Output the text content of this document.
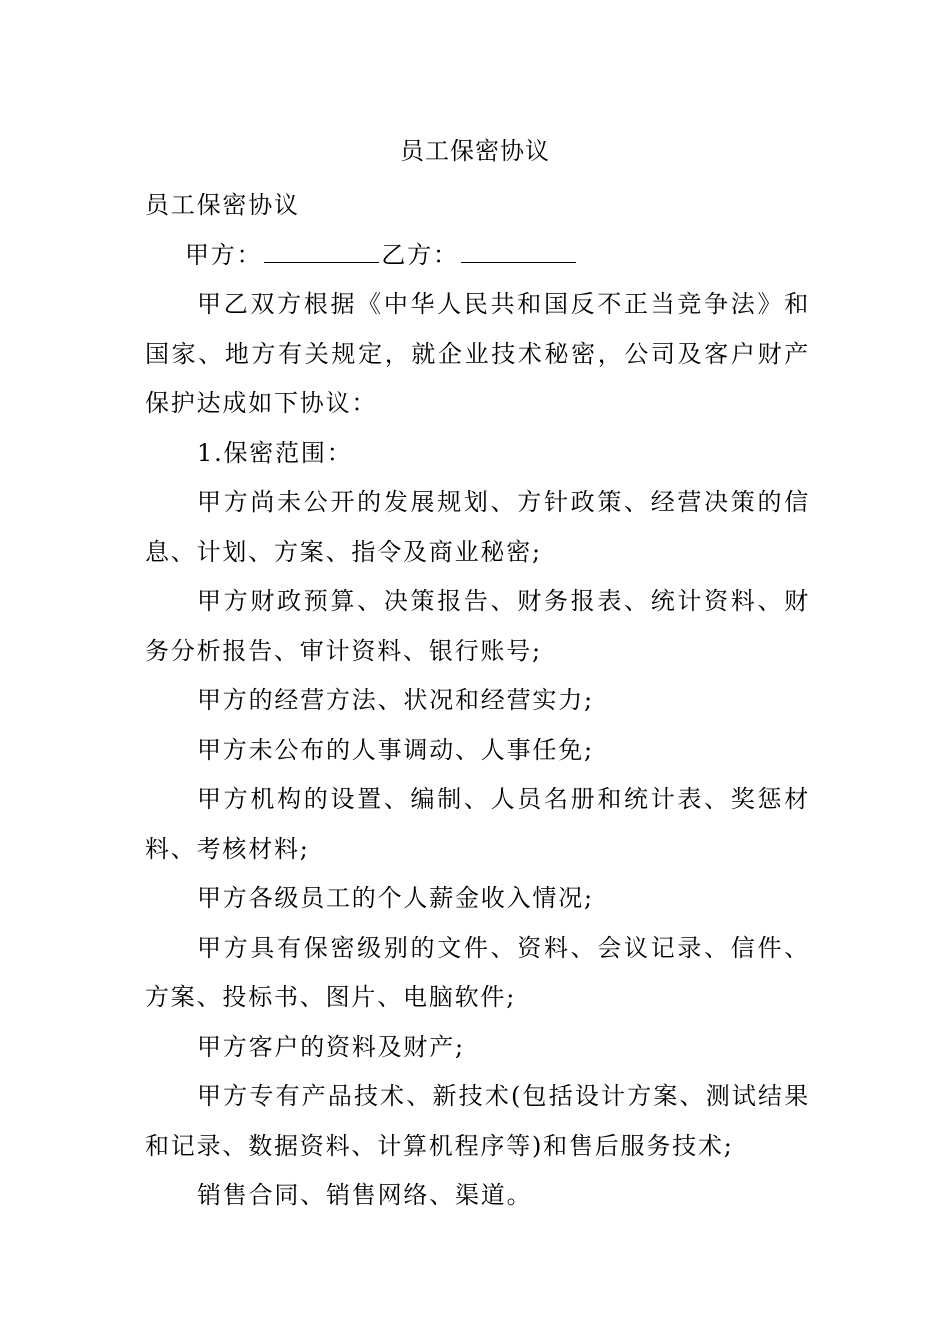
员工保密协议

员工保密协议

甲方：	乙方：

甲乙双方根据《中华人民共和国反不正当竞争法》和国家、地方有关规定，就企业技术秘密，公司及客户财产保护达成如下协议：

1.保密范围：

甲方尚未公开的发展规划、方针政策、经营决策的信息、计划、方案、指令及商业秘密;

甲方财政预算、决策报告、财务报表、统计资料、财务分析报告、审计资料、银行账号;

甲方的经营方法、状况和经营实力;

甲方未公布的人事调动、人事任免;

甲方机构的设置、编制、人员名册和统计表、奖惩材料、考核材料;

甲方各级员工的个人薪金收入情况;

甲方具有保密级别的文件、资料、会议记录、信件、方案、投标书、图片、电脑软件;

甲方客户的资料及财产;

甲方专有产品技术、新技术(包括设计方案、测试结果和记录、数据资料、计算机程序等)和售后服务技术;

销售合同、销售网络、渠道。
